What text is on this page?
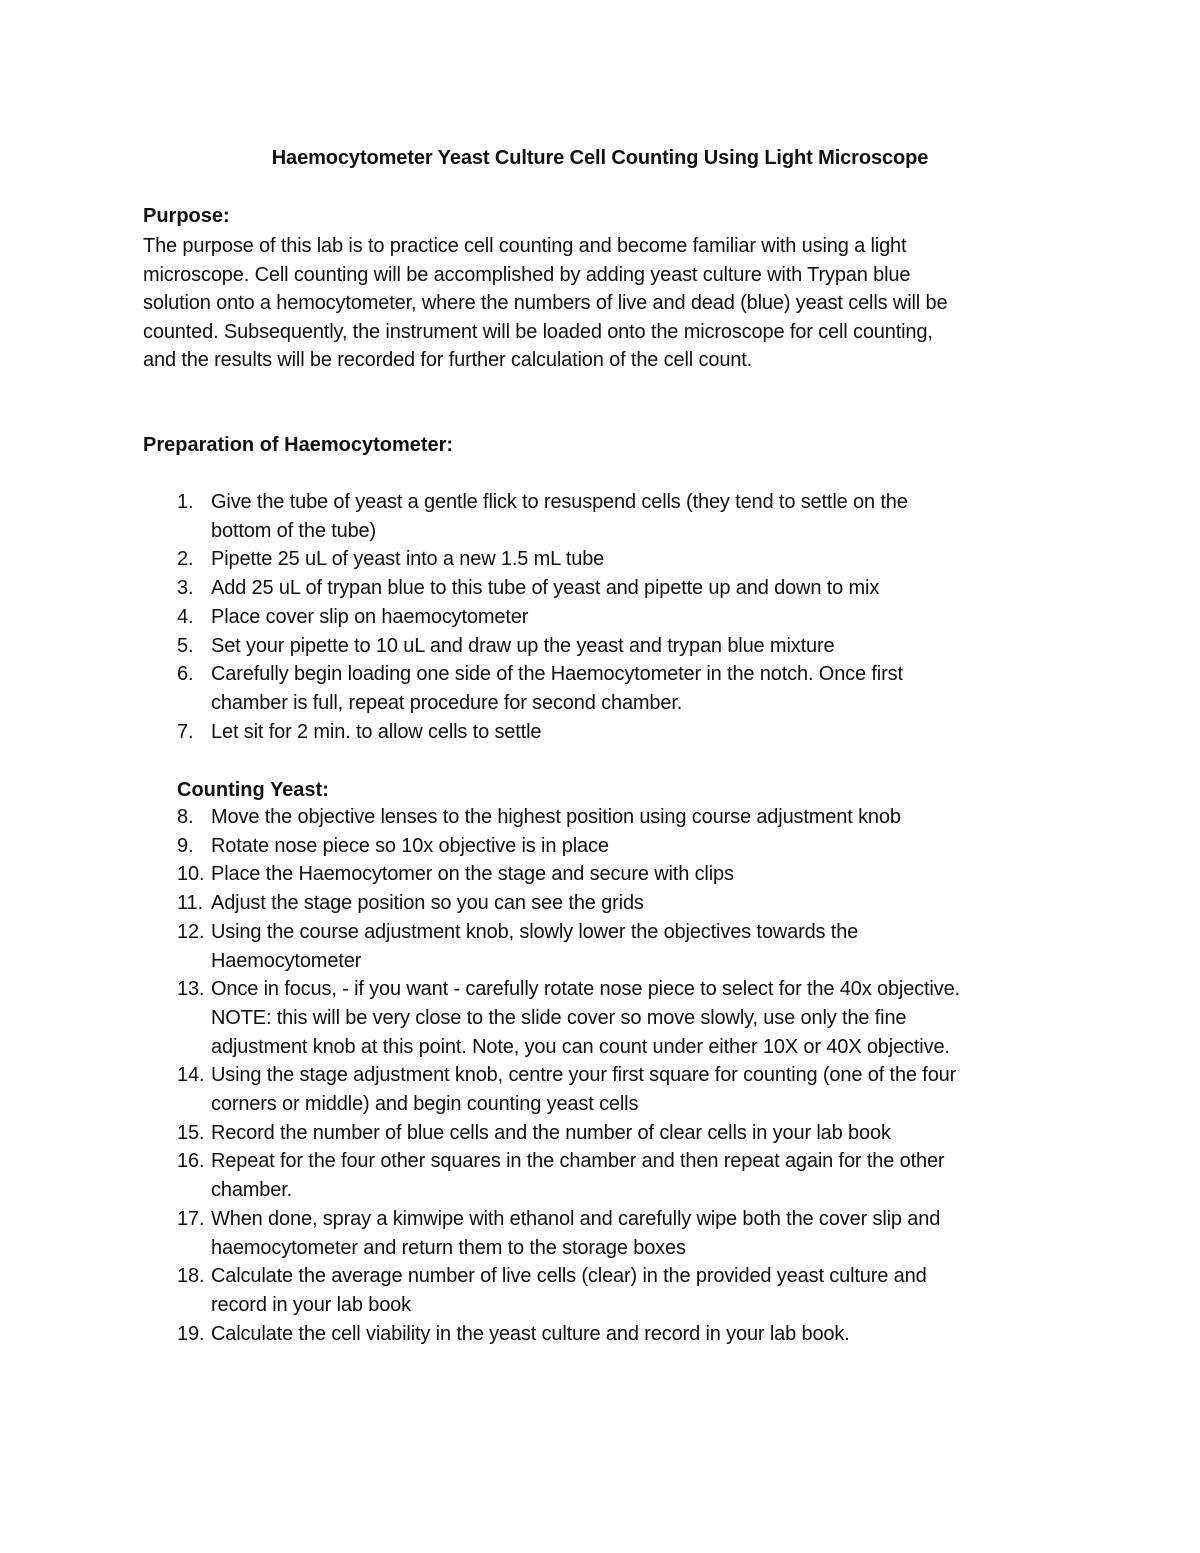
Haemocytometer Yeast Culture Cell Counting Using Light Microscope
Purpose:
The purpose of this lab is to practice cell counting and become familiar with using a light
microscope. Cell counting will be accomplished by adding yeast culture with Trypan blue
solution onto a hemocytometer, where the numbers of live and dead (blue) yeast cells will be
counted. Subsequently, the instrument will be loaded onto the microscope for cell counting,
and the results will be recorded for further calculation of the cell count.
Preparation of Haemocytometer:
1. Give the tube of yeast a gentle flick to resuspend cells (they tend to settle on the
bottom of the tube)
2. Pipette 25 uL of yeast into a new 1.5 mL tube
3. Add 25 uL of trypan blue to this tube of yeast and pipette up and down to mix
4. Place cover slip on haemocytometer
5. Set your pipette to 10 uL and draw up the yeast and trypan blue mixture
6. Carefully begin loading one side of the Haemocytometer in the notch. Once first
chamber is full, repeat procedure for second chamber.
7. Let sit for 2 min. to allow cells to settle
Counting Yeast:
8. Move the objective lenses to the highest position using course adjustment knob
9. Rotate nose piece so 10x objective is in place
10. Place the Haemocytomer on the stage and secure with clips
11. Adjust the stage position so you can see the grids
12. Using the course adjustment knob, slowly lower the objectives towards the
Haemocytometer
13. Once in focus, - if you want - carefully rotate nose piece to select for the 40x objective.
NOTE: this will be very close to the slide cover so move slowly, use only the fine
adjustment knob at this point. Note, you can count under either 10X or 40X objective.
14. Using the stage adjustment knob, centre your first square for counting (one of the four
corners or middle) and begin counting yeast cells
15. Record the number of blue cells and the number of clear cells in your lab book
16. Repeat for the four other squares in the chamber and then repeat again for the other
chamber.
17. When done, spray a kimwipe with ethanol and carefully wipe both the cover slip and
haemocytometer and return them to the storage boxes
18. Calculate the average number of live cells (clear) in the provided yeast culture and
record in your lab book
19. Calculate the cell viability in the yeast culture and record in your lab book.
